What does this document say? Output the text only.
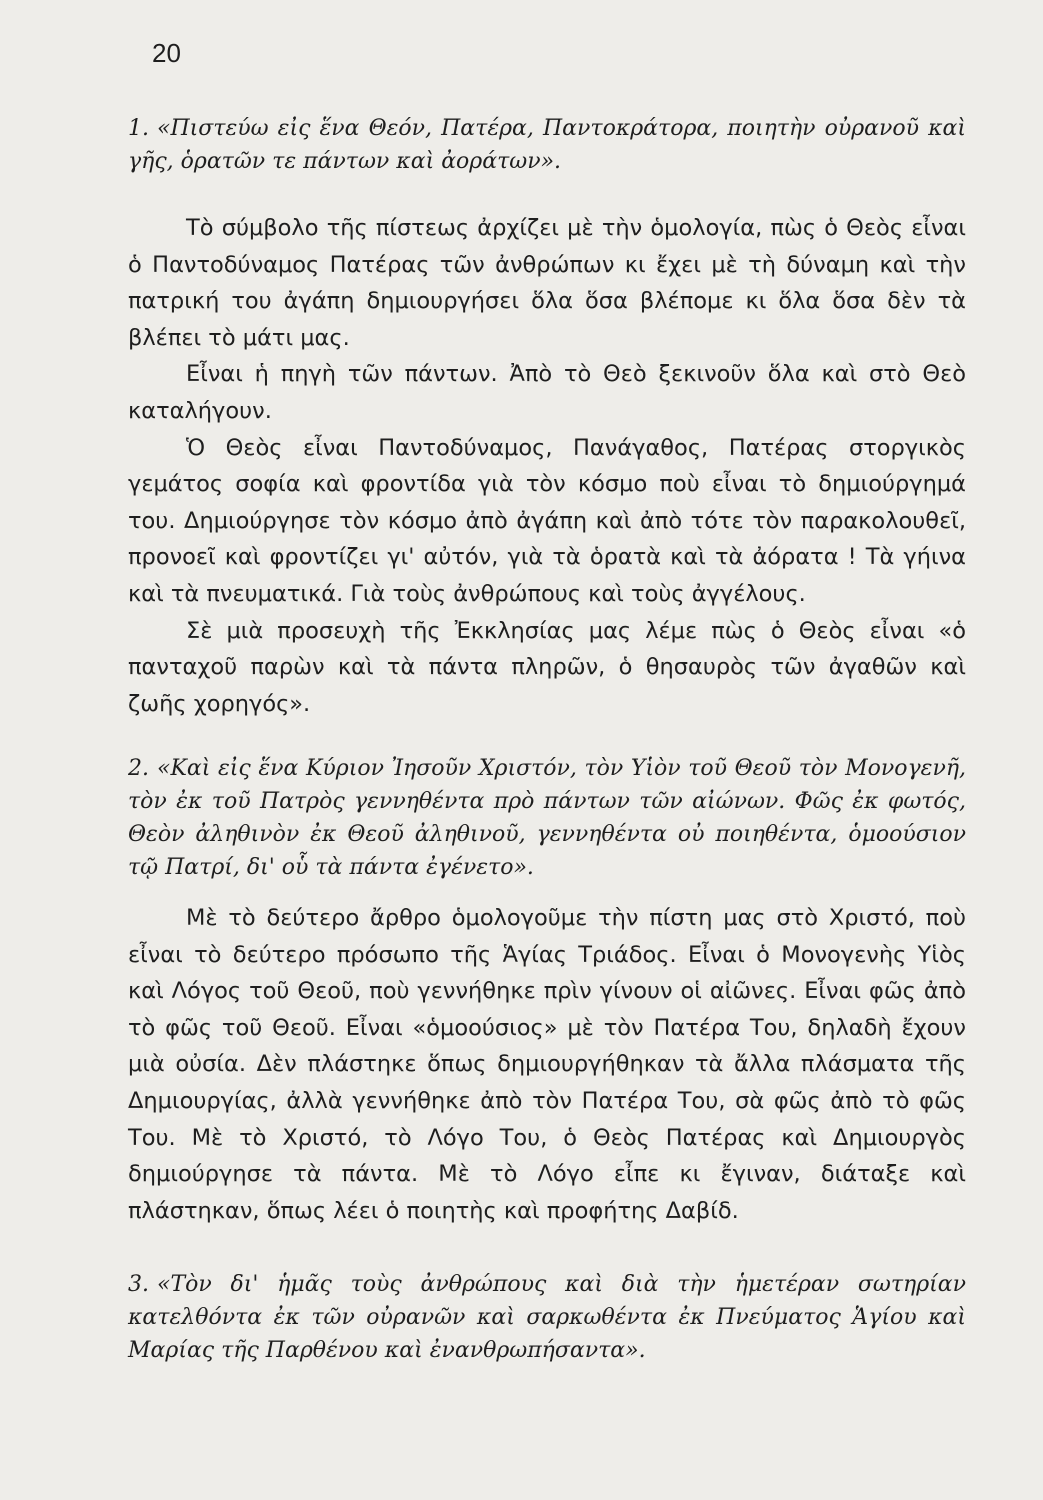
20

1. «Πιστεύω εἰς ἕνα Θεόν, Πατέρα, Παντοκράτορα, ποιητὴν οὐρανοῦ καὶ γῆς, ὁρατῶν τε πάντων καὶ ἀοράτων».

Τὸ σύμβολο τῆς πίστεως ἀρχίζει μὲ τὴν ὁμολογία, πὼς ὁ Θεὸς εἶναι ὁ Παντοδύναμος Πατέρας τῶν ἀνθρώπων κι ἔχει μὲ τὴ δύναμη καὶ τὴν πατρική του ἀγάπη δημιουργήσει ὅλα ὅσα βλέπομε κι ὅλα ὅσα δὲν τὰ βλέπει τὸ μάτι μας.

Εἶναι ἡ πηγὴ τῶν πάντων. Ἀπὸ τὸ Θεὸ ξεκινοῦν ὅλα καὶ στὸ Θεὸ καταλήγουν.

Ὁ Θεὸς εἶναι Παντοδύναμος, Πανάγαθος, Πατέρας στοργικὸς γεμάτος σοφία καὶ φροντίδα γιὰ τὸν κόσμο ποὺ εἶναι τὸ δημιούργημά του. Δημιούργησε τὸν κόσμο ἀπὸ ἀγάπη καὶ ἀπὸ τότε τὸν παρακολουθεῖ, προνοεῖ καὶ φροντίζει γι' αὐτόν, γιὰ τὰ ὁρατὰ καὶ τὰ ἀόρατα ! Τὰ γήινα καὶ τὰ πνευματικά. Γιὰ τοὺς ἀνθρώπους καὶ τοὺς ἀγγέλους.

Σὲ μιὰ προσευχὴ τῆς Ἐκκλησίας μας λέμε πὼς ὁ Θεὸς εἶναι «ὁ πανταχοῦ παρὼν καὶ τὰ πάντα πληρῶν, ὁ θησαυρὸς τῶν ἀγαθῶν καὶ ζωῆς χορηγός».

2. «Καὶ εἰς ἕνα Κύριον Ἰησοῦν Χριστόν, τὸν Υἱὸν τοῦ Θεοῦ τὸν Μονογενῆ, τὸν ἐκ τοῦ Πατρὸς γεννηθέντα πρὸ πάντων τῶν αἰώνων. Φῶς ἐκ φωτός, Θεὸν ἀληθινὸν ἐκ Θεοῦ ἀληθινοῦ, γεννηθέντα οὐ ποιηθέντα, ὁμοούσιον τῷ Πατρί, δι' οὗ τὰ πάντα ἐγένετο».

Μὲ τὸ δεύτερο ἄρθρο ὁμολογοῦμε τὴν πίστη μας στὸ Χριστό, ποὺ εἶναι τὸ δεύτερο πρόσωπο τῆς Ἁγίας Τριάδος. Εἶναι ὁ Μονογενὴς Υἱὸς καὶ Λόγος τοῦ Θεοῦ, ποὺ γεννήθηκε πρὶν γίνουν οἱ αἰῶνες. Εἶναι φῶς ἀπὸ τὸ φῶς τοῦ Θεοῦ. Εἶναι «ὁμοούσιος» μὲ τὸν Πατέρα Του, δηλαδὴ ἔχουν μιὰ οὐσία. Δὲν πλάστηκε ὅπως δημιουργήθηκαν τὰ ἄλλα πλάσματα τῆς Δημιουργίας, ἀλλὰ γεννήθηκε ἀπὸ τὸν Πατέρα Του, σὰ φῶς ἀπὸ τὸ φῶς Του. Μὲ τὸ Χριστό, τὸ Λόγο Του, ὁ Θεὸς Πατέρας καὶ Δημιουργὸς δημιούργησε τὰ πάντα. Μὲ τὸ Λόγο εἶπε κι ἔγιναν, διάταξε καὶ πλάστηκαν, ὅπως λέει ὁ ποιητὴς καὶ προφήτης Δαβίδ.

3. «Τὸν δι' ἡμᾶς τοὺς ἀνθρώπους καὶ διὰ τὴν ἡμετέραν σωτηρίαν κατελθόντα ἐκ τῶν οὐρανῶν καὶ σαρκωθέντα ἐκ Πνεύματος Ἁγίου καὶ Μαρίας τῆς Παρθένου καὶ ἐνανθρωπήσαντα».
